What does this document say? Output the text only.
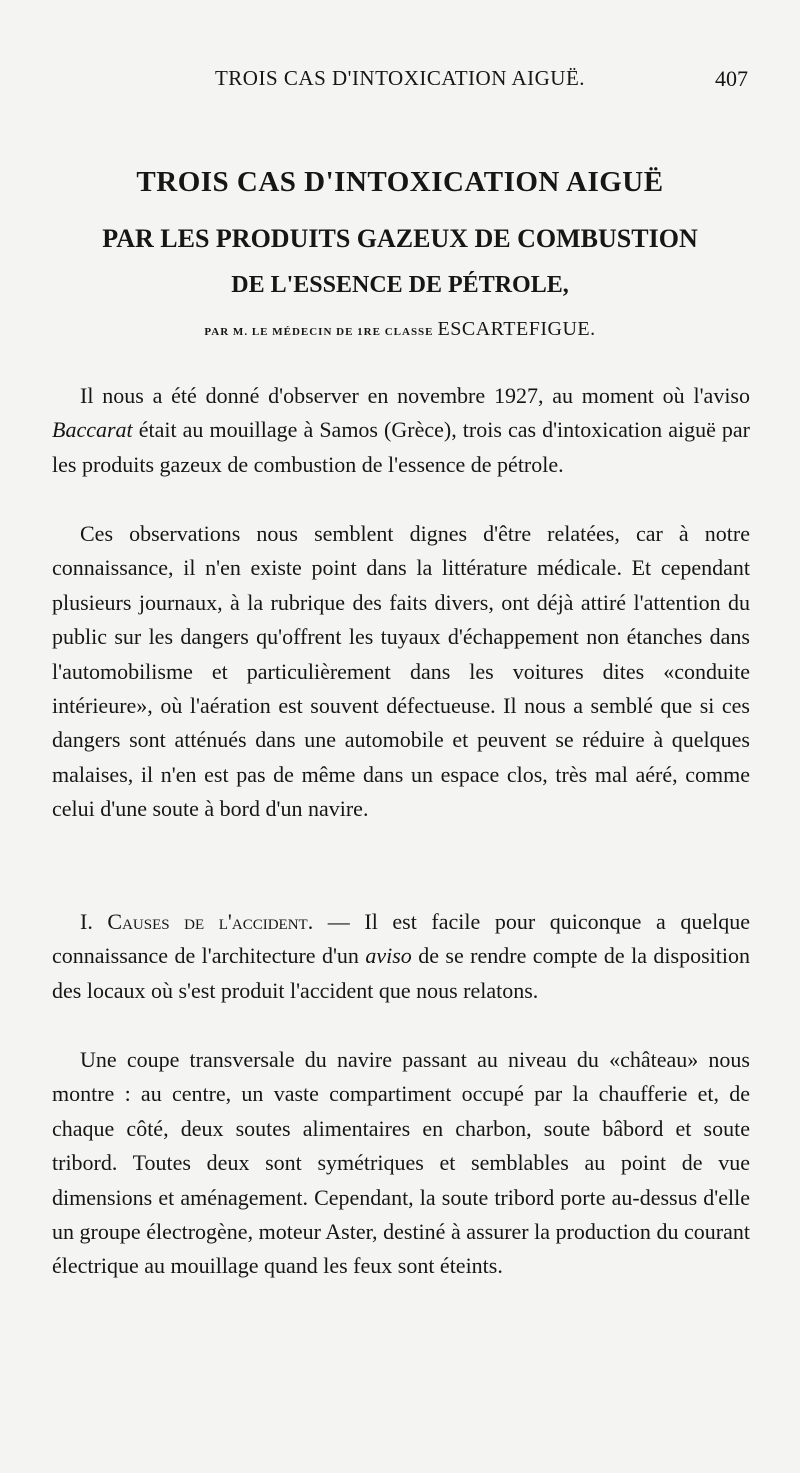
TROIS CAS D'INTOXICATION AIGUË.	407
TROIS CAS D'INTOXICATION AIGUË
PAR LES PRODUITS GAZEUX DE COMBUSTION
DE L'ESSENCE DE PÉTROLE,
PAR M. LE MÉDECIN DE 1RE CLASSE ESCARTEFIGUE.

Il nous a été donné d'observer en novembre 1927, au moment où l'aviso Baccarat était au mouillage à Samos (Grèce), trois cas d'intoxication aiguë par les produits gazeux de combustion de l'essence de pétrole.

Ces observations nous semblent dignes d'être relatées, car à notre connaissance, il n'en existe point dans la littérature médicale. Et cependant plusieurs journaux, à la rubrique des faits divers, ont déjà attiré l'attention du public sur les dangers qu'offrent les tuyaux d'échappement non étanches dans l'automobilisme et particulièrement dans les voitures dites «conduite intérieure», où l'aération est souvent défectueuse. Il nous a semblé que si ces dangers sont atténués dans une automobile et peuvent se réduire à quelques malaises, il n'en est pas de même dans un espace clos, très mal aéré, comme celui d'une soute à bord d'un navire.

I. Causes de l'accident. — Il est facile pour quiconque a quelque connaissance de l'architecture d'un aviso de se rendre compte de la disposition des locaux où s'est produit l'accident que nous relatons.

Une coupe transversale du navire passant au niveau du «château» nous montre : au centre, un vaste compartiment occupé par la chaufferie et, de chaque côté, deux soutes alimentaires en charbon, soute bâbord et soute tribord. Toutes deux sont symétriques et semblables au point de vue dimensions et aménagement. Cependant, la soute tribord porte au-dessus d'elle un groupe électrogène, moteur Aster, destiné à assurer la production du courant électrique au mouillage quand les feux sont éteints.
